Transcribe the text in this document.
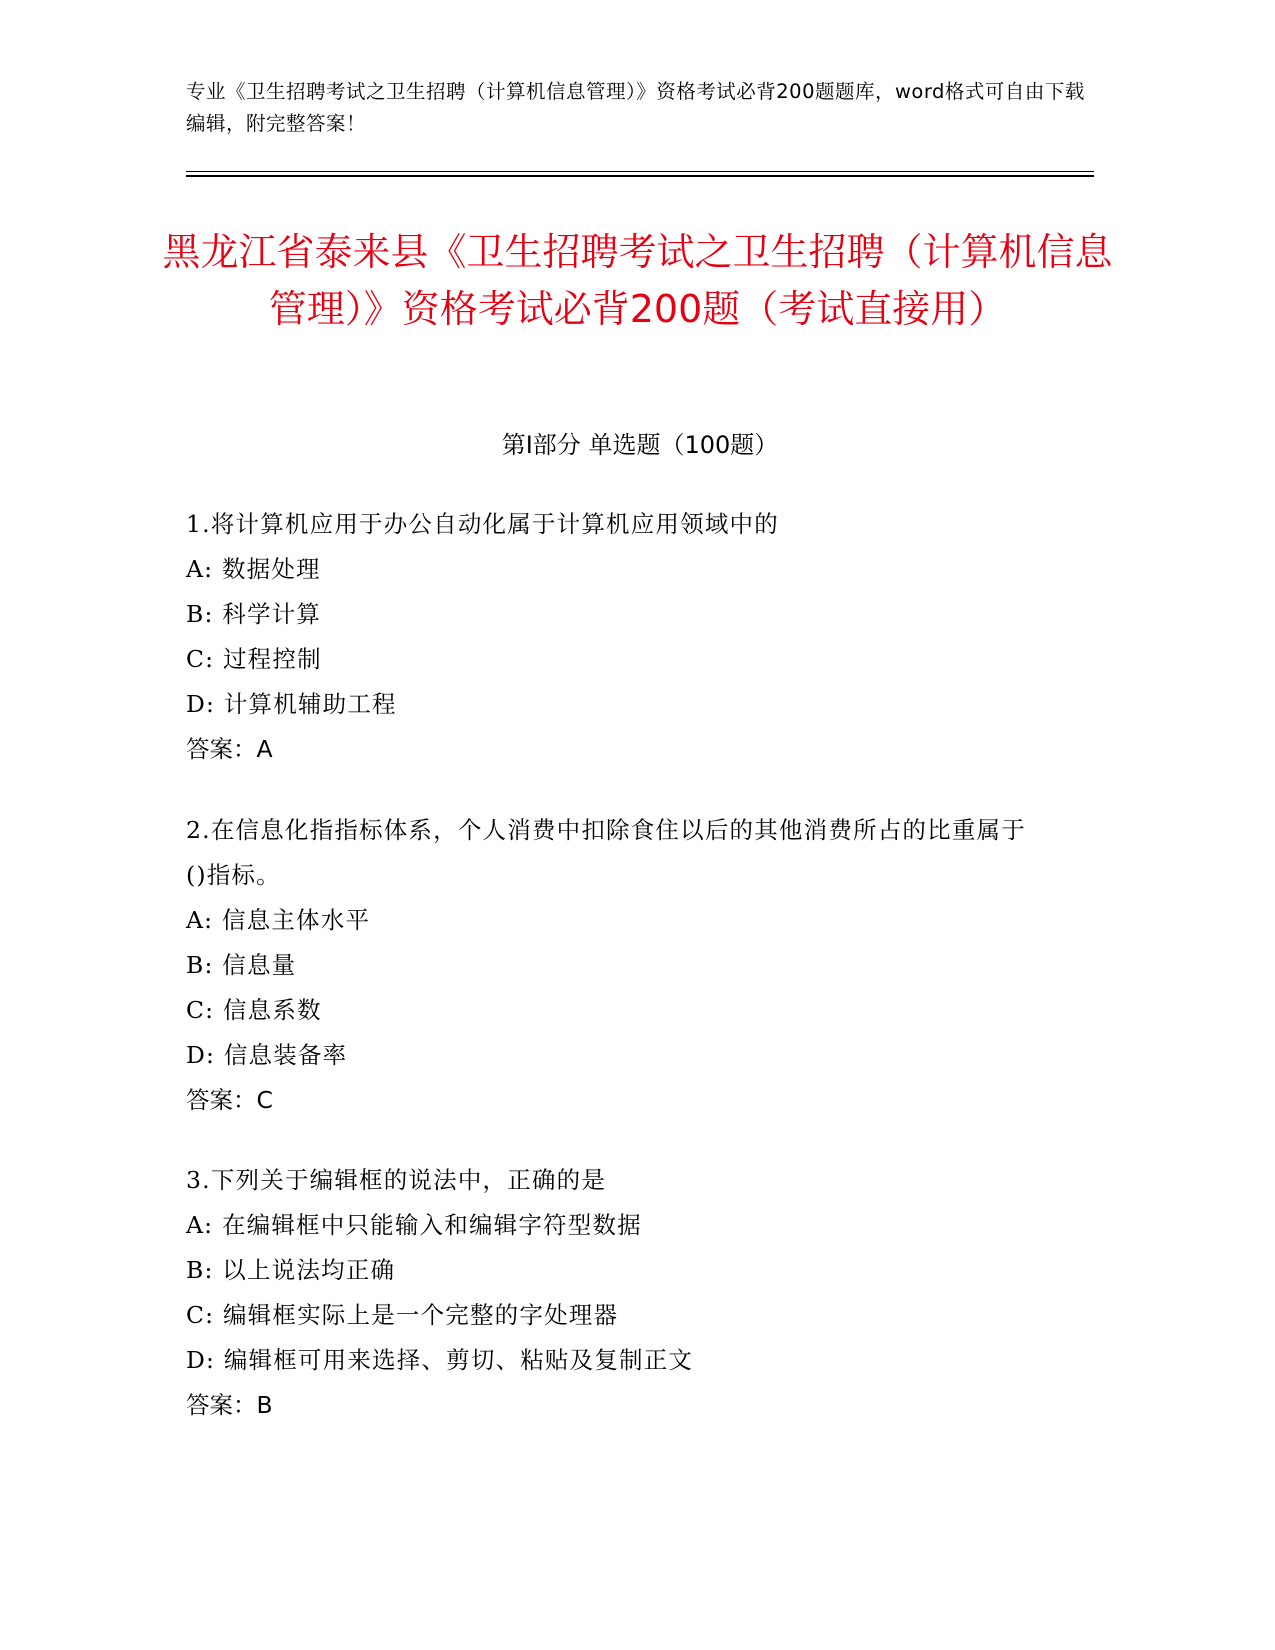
专业《卫生招聘考试之卫生招聘（计算机信息管理）》资格考试必背200题题库，word格式可自由下载编辑，附完整答案！
黑龙江省泰来县《卫生招聘考试之卫生招聘（计算机信息管理）》资格考试必背200题（考试直接用）
第Ⅰ部分 单选题（100题）
1.将计算机应用于办公自动化属于计算机应用领域中的
A: 数据处理
B: 科学计算
C: 过程控制
D: 计算机辅助工程
答案：A
2.在信息化指指标体系，个人消费中扣除食住以后的其他消费所占的比重属于()指标。
A: 信息主体水平
B: 信息量
C: 信息系数
D: 信息装备率
答案：C
3.下列关于编辑框的说法中，正确的是
A: 在编辑框中只能输入和编辑字符型数据
B: 以上说法均正确
C: 编辑框实际上是一个完整的字处理器
D: 编辑框可用来选择、剪切、粘贴及复制正文
答案：B
